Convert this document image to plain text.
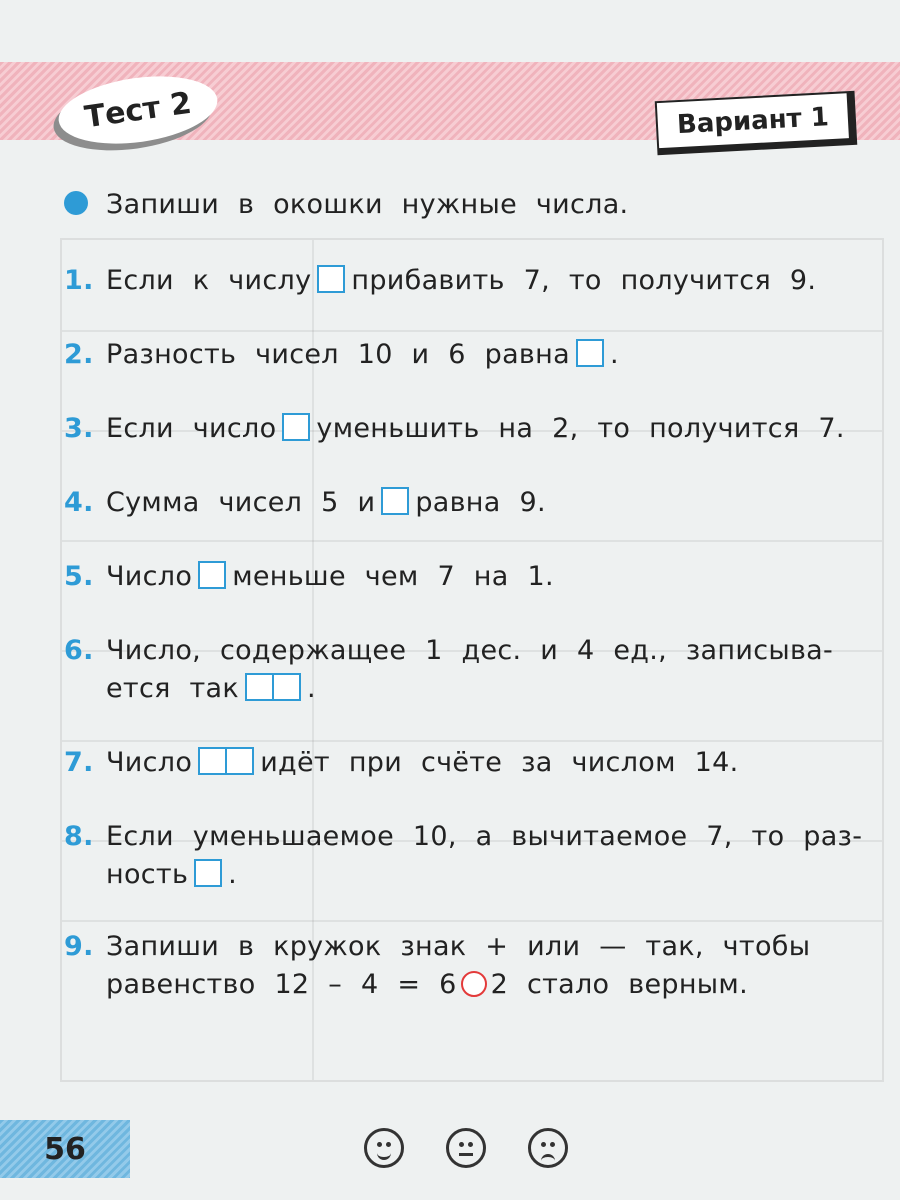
Тест 2	Вариант 1
Запиши в окошки нужные числа.
1. Если к числу прибавить 7, то получится 9.
2. Разность чисел 10 и 6 равна .
3. Если число уменьшить на 2, то получится 7.
4. Сумма чисел 5 и равна 9.
5. Число меньше чем 7 на 1.
6. Число, содержащее 1 дес. и 4 ед., записыва-
ется так	.
7. Число	идёт при счёте за числом 14.
8. Если уменьшаемое 10, а вычитаемое 7, то раз-
ность .
9. Запиши в кружок знак + или — так, чтобы
равенство 12 – 4 = 6 2 стало верным.
56
